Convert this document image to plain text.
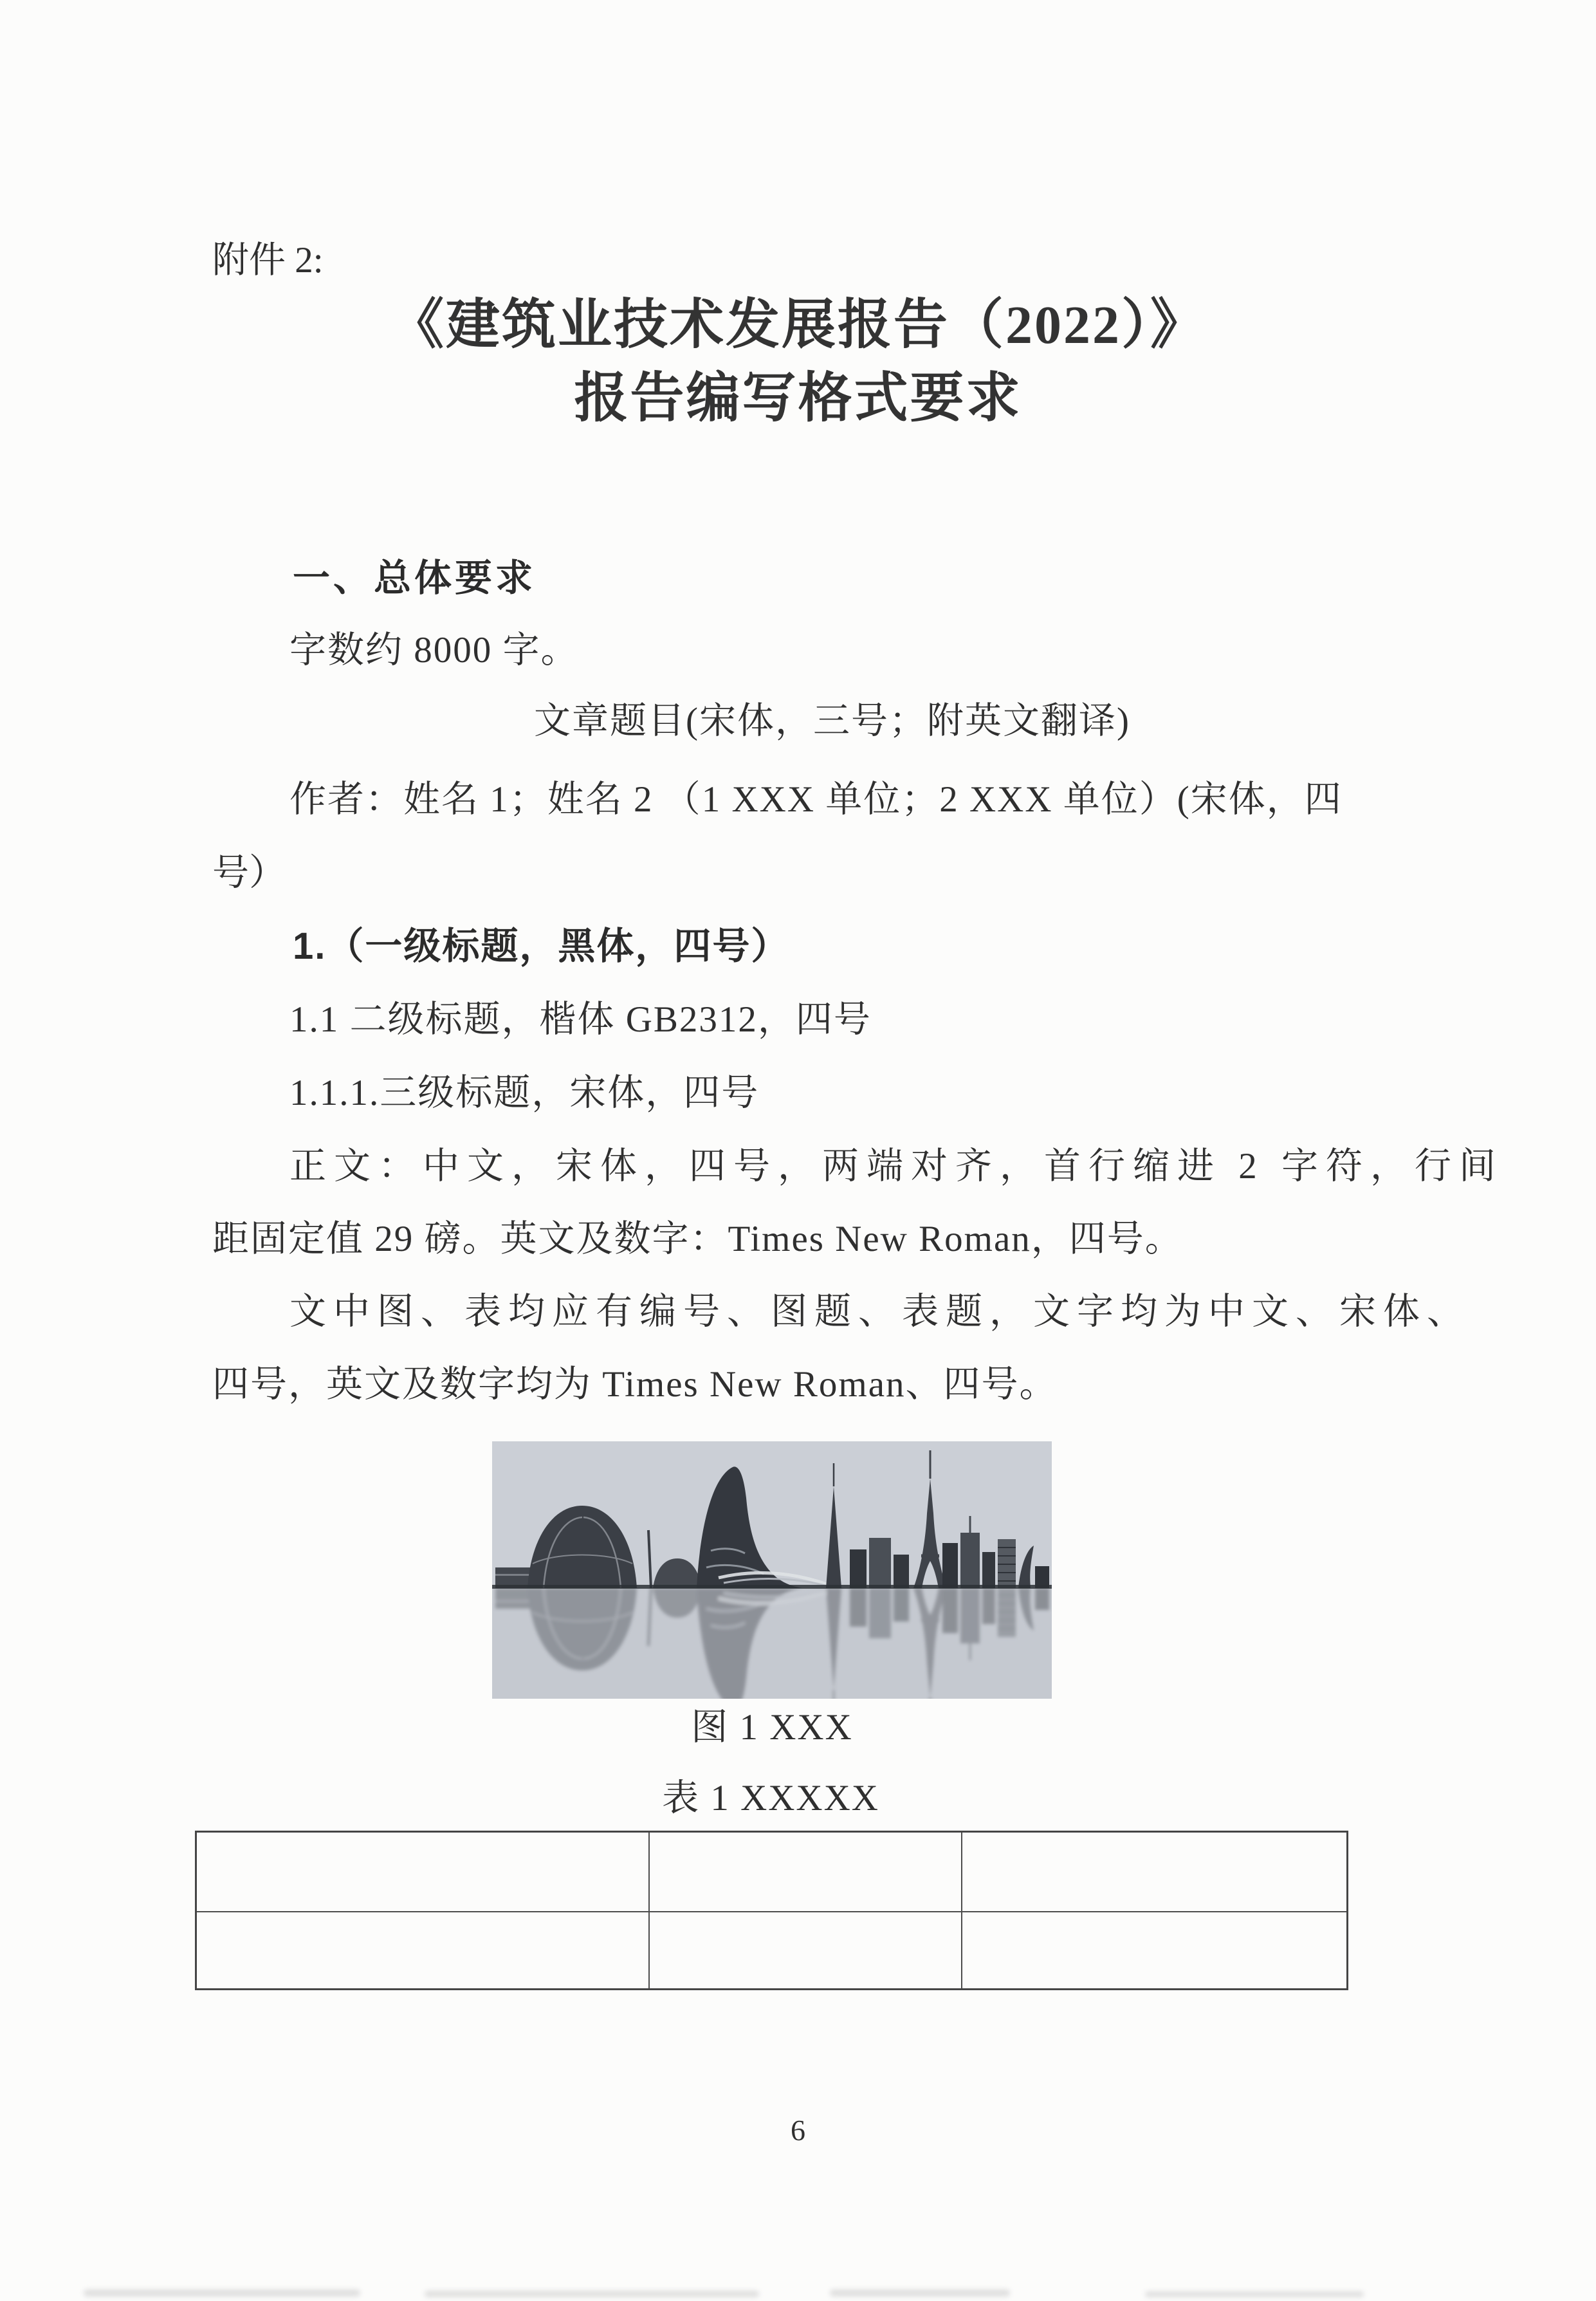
附件 2:
《建筑业技术发展报告（2022）》
报告编写格式要求
一、总体要求
字数约 8000 字。
文章题目(宋体，三号；附英文翻译)
作者：姓名 1；姓名 2 （1 XXX 单位；2 XXX 单位）(宋体，四
号）
1.（一级标题，黑体，四号）
1.1 二级标题，楷体 GB2312，四号
1.1.1.三级标题，宋体，四号
正文：中文，宋体，四号，两端对齐，首行缩进 2 字符，行间
距固定值 29 磅。英文及数字：Times New Roman，四号。
文中图、表均应有编号、图题、表题，文字均为中文、宋体、
四号，英文及数字均为 Times New Roman、四号。
图 1 XXX
表 1 XXXXX

6
